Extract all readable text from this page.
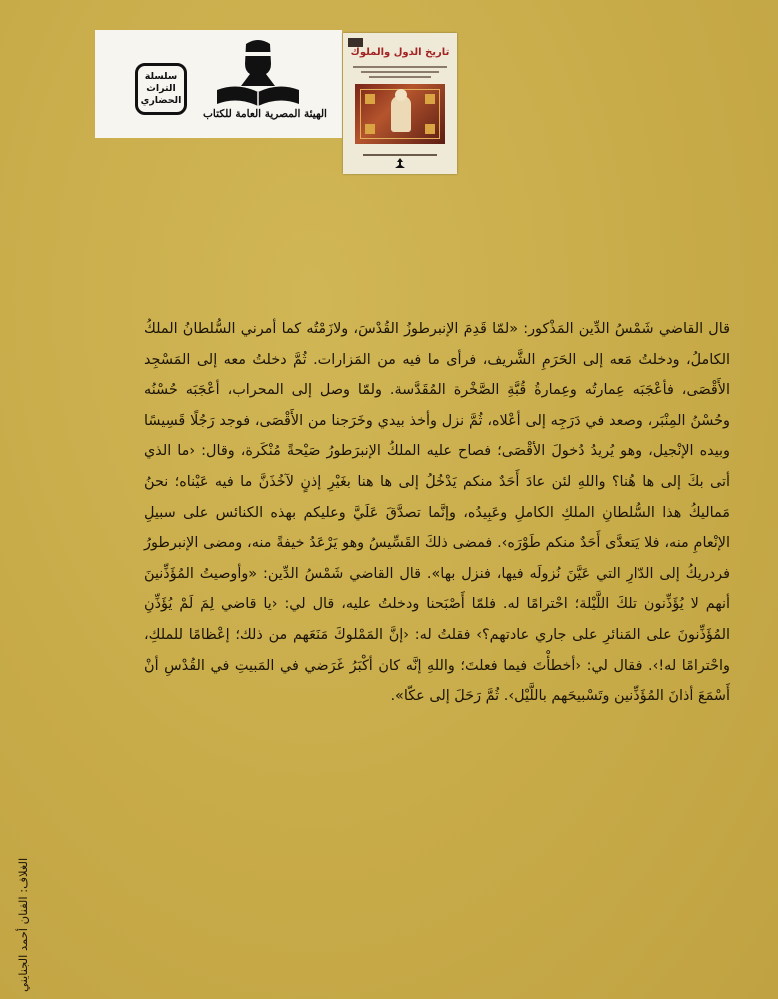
سلسلة
التراث
الحضاري
الهيئة المصرية العامة للكتاب
تاريخ الدول والملوك

قال القاضي شَمْسُ الدِّين المَذْكور: «لمّا قَدِمَ الإنبرطوزُ القُدْسَ، ولازَمْتُه كما أمرني السُّلطانُ الملكُ الكاملُ، ودخلتُ مَعه إلى الحَرَمِ الشَّريف، فرأى ما فيه من المَزارات. ثُمَّ دخلتُ معه إلى المَسْجِد الأَقْصَى، فأعْجَبَه عِمارتُه وعِمارةُ قُبَّةِ الصَّخْرة المُقَدَّسة. ولمّا وصل إلى المحراب، أعْجَبَه حُسْنُه وحُسْنُ المِنْبَر، وصعد في دَرَجِه إلى أعْلاه، ثُمَّ نزل وأخذ بيدي وخَرَجنا من الأَقْصَى، فوجد رَجُلًا قَسِيسًا وبيده الإنْجيل، وهو يُريدُ دُخولَ الأقْصَى؛ فصاح عليه الملكُ الإنبرَطورُ صَيْحةً مُنْكَرة، وقال: ‹ما الذي أتى بكَ إلى ها هُنا؟ واللهِ لئن عادَ أَحَدٌ منكم يَدْخُلُ إلى ها هنا بغَيْرِ إذنٍ لآخُذَنَّ ما فيه عَيْناه؛ نحنُ مَماليكُ هذا السُّلطانِ الملكِ الكاملِ وعَبِيدُه، وإنَّما تصدَّقَ عَلَيَّ وعليكم بهذه الكنائس على سبيلِ الإنْعامِ منه، فلا يَتعدَّى أَحَدٌ منكم طَوْرَه›. فمضى ذلكَ القَسِّيسُ وهو يَرْعَدُ خيفةً منه، ومضى الإنبرطورُ فردريكُ إلى الدّارِ التي عَيَّنَ نُزولَه فيها، فنزل بها». قال القاضي شَمْسُ الدِّين: «وأوصيتُ المُؤَذِّنينَ أنهم لا يُؤَذِّنون تلكَ اللَّيْلة؛ احْترامًا له. فلمّا أَصْبَحنا ودخلتُ عليه، قال لي: ‹يا قاضي لِمَ لَمْ يُؤَذِّنِ المُؤَذِّنونَ على المَنائرِ على جاري عادتهم؟› فقلتُ له: ‹إنَّ المَمْلوكَ مَنَعَهم من ذلك؛ إعْظامًا للملكِ، واحْترامًا له!›. فقال لي: ‹أخطأْتَ فيما فعلتَ؛ واللهِ إنَّه كان أكْبَرُ غَرَضي في المَبيتِ في القُدْسِ أنْ أَسْمَعَ أذانَ المُؤَذِّنين وتَسْبيحَهم باللَّيْل›. ثُمَّ رَحَلَ إلى عكّا».

الغلاف: الفنان أحمد الجنايني
